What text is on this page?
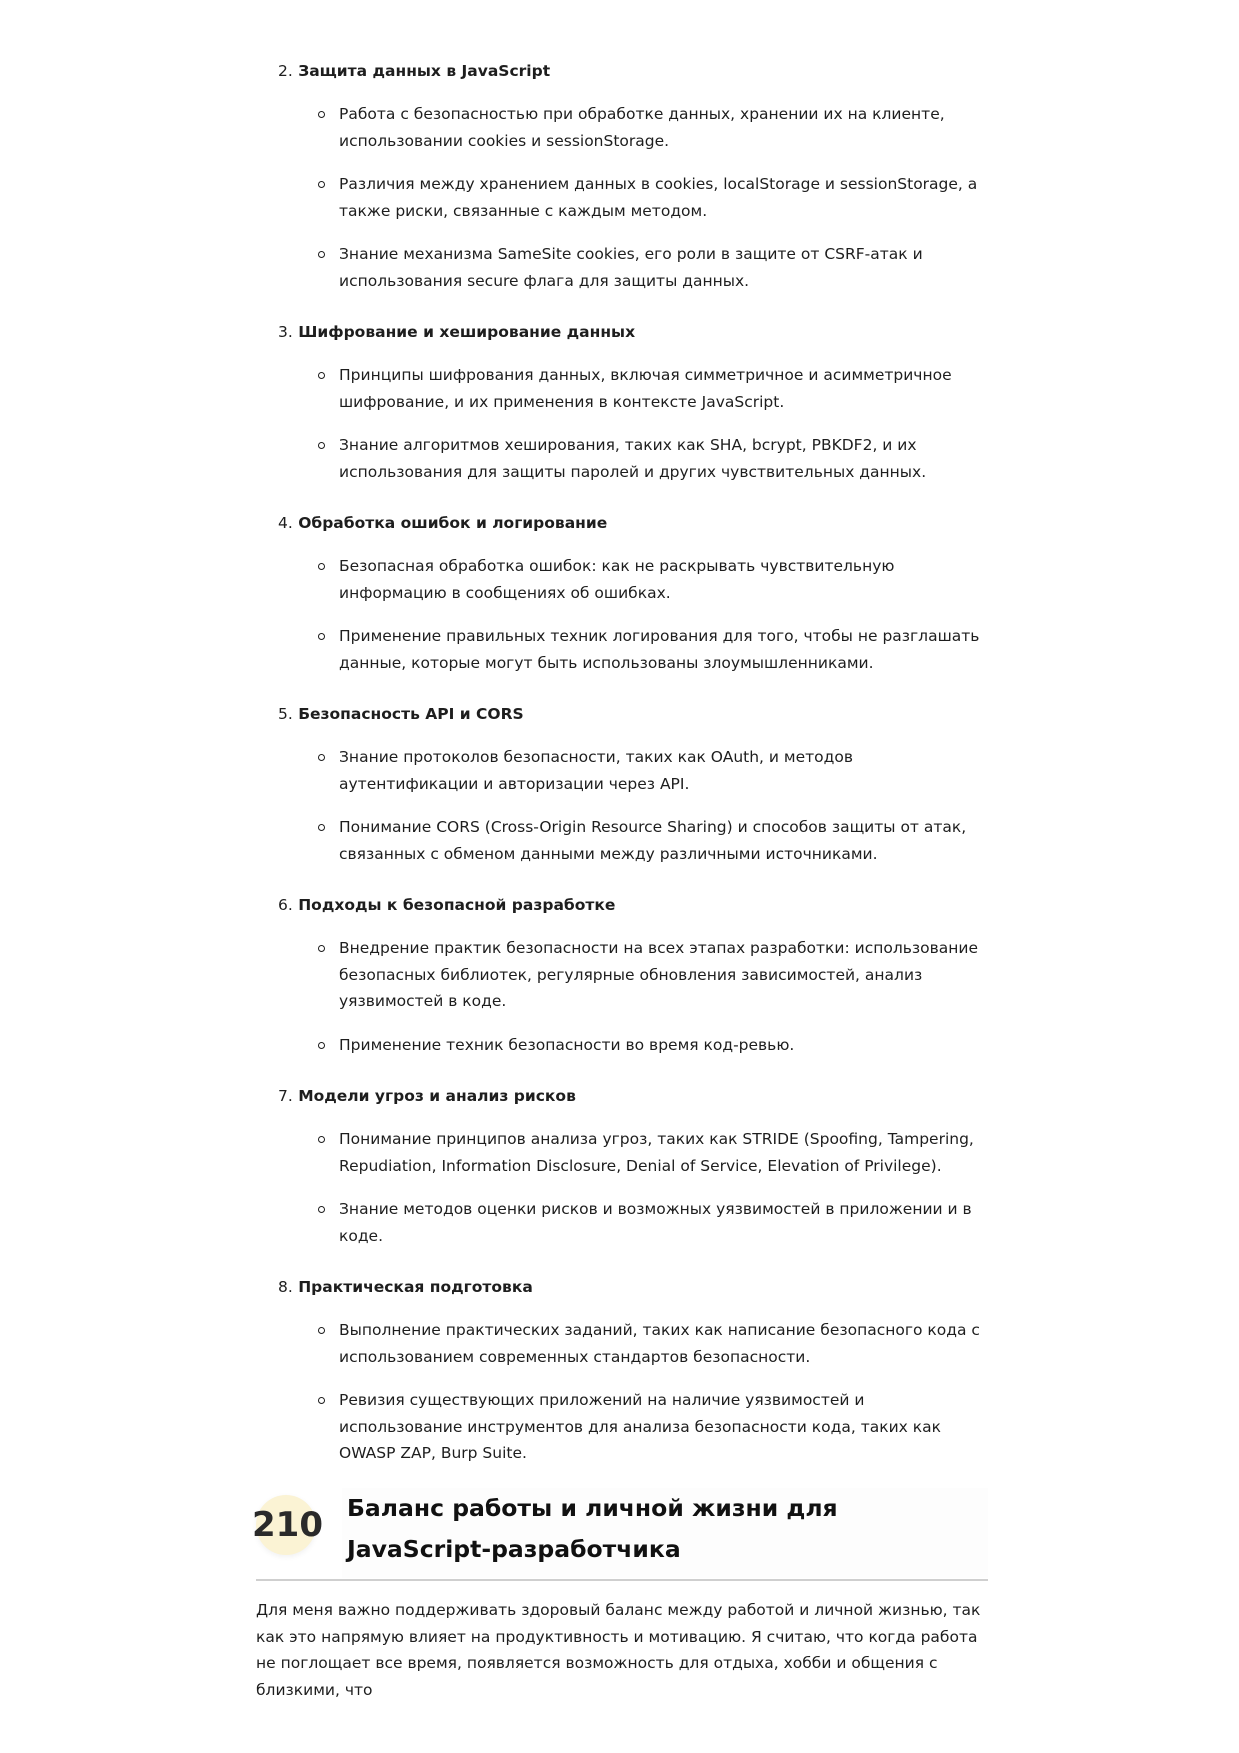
2. Защита данных в JavaScript
Работа с безопасностью при обработке данных, хранении их на клиенте, использовании cookies и sessionStorage.
Различия между хранением данных в cookies, localStorage и sessionStorage, а также риски, связанные с каждым методом.
Знание механизма SameSite cookies, его роли в защите от CSRF-атак и использования secure флага для защиты данных.
3. Шифрование и хеширование данных
Принципы шифрования данных, включая симметричное и асимметричное шифрование, и их применения в контексте JavaScript.
Знание алгоритмов хеширования, таких как SHA, bcrypt, PBKDF2, и их использования для защиты паролей и других чувствительных данных.
4. Обработка ошибок и логирование
Безопасная обработка ошибок: как не раскрывать чувствительную информацию в сообщениях об ошибках.
Применение правильных техник логирования для того, чтобы не разглашать данные, которые могут быть использованы злоумышленниками.
5. Безопасность API и CORS
Знание протоколов безопасности, таких как OAuth, и методов аутентификации и авторизации через API.
Понимание CORS (Cross-Origin Resource Sharing) и способов защиты от атак, связанных с обменом данными между различными источниками.
6. Подходы к безопасной разработке
Внедрение практик безопасности на всех этапах разработки: использование безопасных библиотек, регулярные обновления зависимостей, анализ уязвимостей в коде.
Применение техник безопасности во время код-ревью.
7. Модели угроз и анализ рисков
Понимание принципов анализа угроз, таких как STRIDE (Spoofing, Tampering, Repudiation, Information Disclosure, Denial of Service, Elevation of Privilege).
Знание методов оценки рисков и возможных уязвимостей в приложении и в коде.
8. Практическая подготовка
Выполнение практических заданий, таких как написание безопасного кода с использованием современных стандартов безопасности.
Ревизия существующих приложений на наличие уязвимостей и использование инструментов для анализа безопасности кода, таких как OWASP ZAP, Burp Suite.
210 Баланс работы и личной жизни для JavaScript-разработчика

Для меня важно поддерживать здоровый баланс между работой и личной жизнью, так как это напрямую влияет на продуктивность и мотивацию. Я считаю, что когда работа не поглощает все время, появляется возможность для отдыха, хобби и общения с близкими, что
